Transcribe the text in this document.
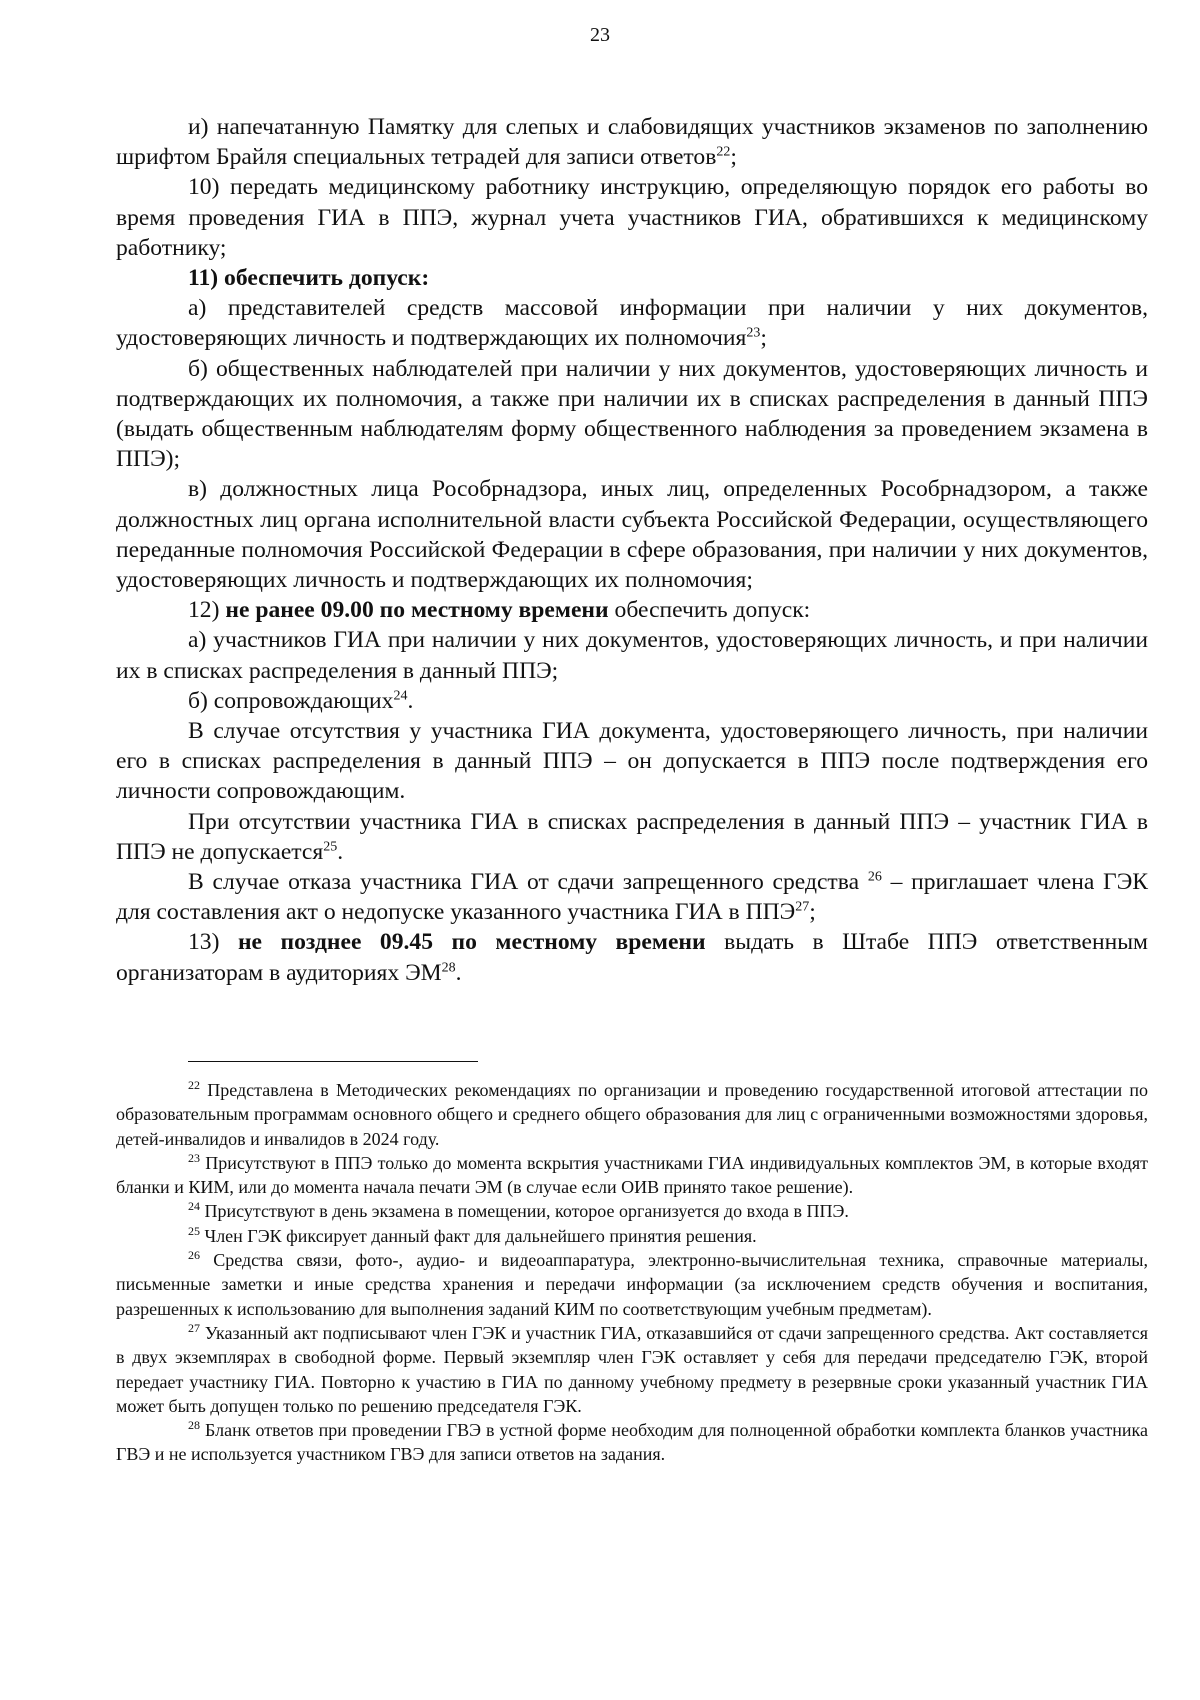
23

и) напечатанную Памятку для слепых и слабовидящих участников экзаменов по заполнению шрифтом Брайля специальных тетрадей для записи ответов$^{22}$;

10) передать медицинскому работнику инструкцию, определяющую порядок его работы во время проведения ГИА в ППЭ, журнал учета участников ГИА, обратившихся к медицинскому работнику;

11) обеспечить допуск:

а) представителей средств массовой информации при наличии у них документов, удостоверяющих личность и подтверждающих их полномочия$^{23}$;

б) общественных наблюдателей при наличии у них документов, удостоверяющих личность и подтверждающих их полномочия, а также при наличии их в списках распределения в данный ППЭ (выдать общественным наблюдателям форму общественного наблюдения за проведением экзамена в ППЭ);

в) должностных лица Рособрнадзора, иных лиц, определенных Рособрнадзором, а также должностных лиц органа исполнительной власти субъекта Российской Федерации, осуществляющего переданные полномочия Российской Федерации в сфере образования, при наличии у них документов, удостоверяющих личность и подтверждающих их полномочия;

12) не ранее 09.00 по местному времени обеспечить допуск:

а) участников ГИА при наличии у них документов, удостоверяющих личность, и при наличии их в списках распределения в данный ППЭ;

б) сопровождающих$^{24}$.

В случае отсутствия у участника ГИА документа, удостоверяющего личность, при наличии его в списках распределения в данный ППЭ – он допускается в ППЭ после подтверждения его личности сопровождающим.

При отсутствии участника ГИА в списках распределения в данный ППЭ – участник ГИА в ППЭ не допускается$^{25}$.

В случае отказа участника ГИА от сдачи запрещенного средства $^{26}$ – приглашает члена ГЭК для составления акт о недопуске указанного участника ГИА в ППЭ$^{27}$;

13) не позднее 09.45 по местному времени выдать в Штабе ППЭ ответственным организаторам в аудиториях ЭМ$^{28}$.

$^{22}$ Представлена в Методических рекомендациях по организации и проведению государственной итоговой аттестации по образовательным программам основного общего и среднего общего образования для лиц с ограниченными возможностями здоровья, детей-инвалидов и инвалидов в 2024 году.

$^{23}$ Присутствуют в ППЭ только до момента вскрытия участниками ГИА индивидуальных комплектов ЭМ, в которые входят бланки и КИМ, или до момента начала печати ЭМ (в случае если ОИВ принято такое решение).

$^{24}$ Присутствуют в день экзамена в помещении, которое организуется до входа в ППЭ.

$^{25}$ Член ГЭК фиксирует данный факт для дальнейшего принятия решения.

$^{26}$ Средства связи, фото-, аудио- и видеоаппаратура, электронно-вычислительная техника, справочные материалы, письменные заметки и иные средства хранения и передачи информации (за исключением средств обучения и воспитания, разрешенных к использованию для выполнения заданий КИМ по соответствующим учебным предметам).

$^{27}$ Указанный акт подписывают член ГЭК и участник ГИА, отказавшийся от сдачи запрещенного средства. Акт составляется в двух экземплярах в свободной форме. Первый экземпляр член ГЭК оставляет у себя для передачи председателю ГЭК, второй передает участнику ГИА. Повторно к участию в ГИА по данному учебному предмету в резервные сроки указанный участник ГИА может быть допущен только по решению председателя ГЭК.

$^{28}$ Бланк ответов при проведении ГВЭ в устной форме необходим для полноценной обработки комплекта бланков участника ГВЭ и не используется участником ГВЭ для записи ответов на задания.
